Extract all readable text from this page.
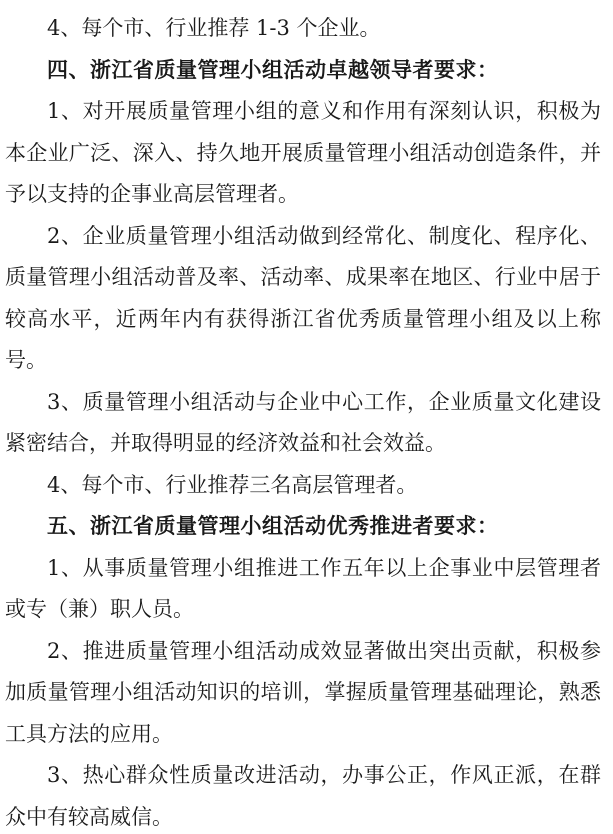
4、每个市、行业推荐 1-3 个企业。

四、浙江省质量管理小组活动卓越领导者要求：

1、对开展质量管理小组的意义和作用有深刻认识，积极为本企业广泛、深入、持久地开展质量管理小组活动创造条件，并予以支持的企事业高层管理者。

2、企业质量管理小组活动做到经常化、制度化、程序化、质量管理小组活动普及率、活动率、成果率在地区、行业中居于较高水平，近两年内有获得浙江省优秀质量管理小组及以上称号。

3、质量管理小组活动与企业中心工作，企业质量文化建设紧密结合，并取得明显的经济效益和社会效益。

4、每个市、行业推荐三名高层管理者。

五、浙江省质量管理小组活动优秀推进者要求：

1、从事质量管理小组推进工作五年以上企事业中层管理者或专（兼）职人员。

2、推进质量管理小组活动成效显著做出突出贡献，积极参加质量管理小组活动知识的培训，掌握质量管理基础理论，熟悉工具方法的应用。

3、热心群众性质量改进活动，办事公正，作风正派，在群众中有较高威信。
